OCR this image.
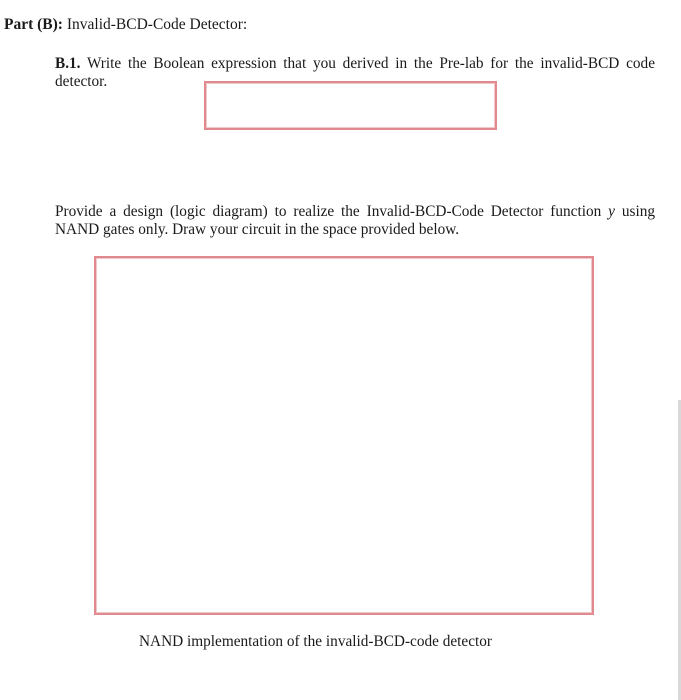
Part (B): Invalid-BCD-Code Detector:
B.1. Write the Boolean expression that you derived in the Pre-lab for the invalid-BCD code detector.
Provide a design (logic diagram) to realize the Invalid-BCD-Code Detector function y using NAND gates only. Draw your circuit in the space provided below.
NAND implementation of the invalid-BCD-code detector
